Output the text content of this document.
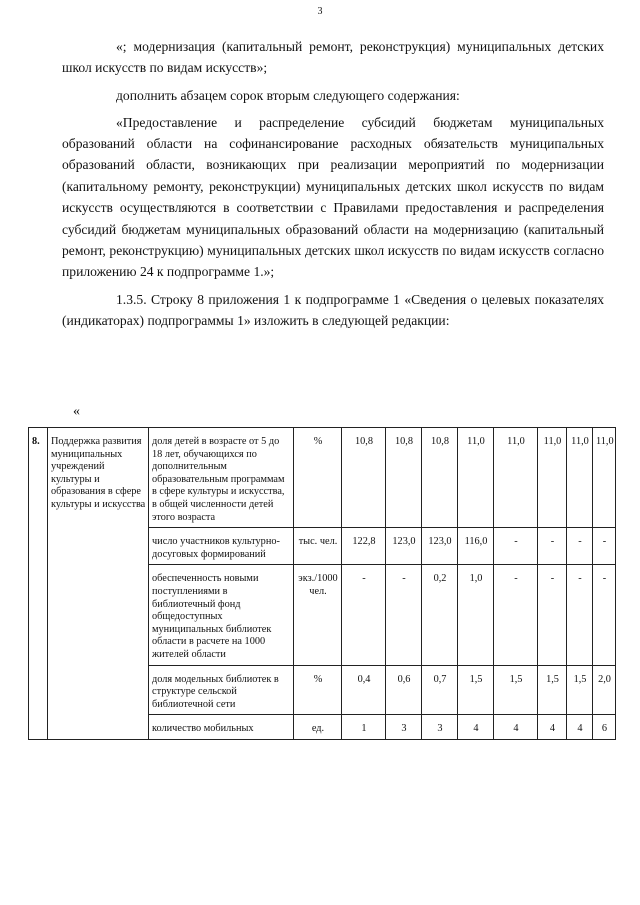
3

«; модернизация (капитальный ремонт, реконструкция) муниципальных детских школ искусств по видам искусств»;

дополнить абзацем сорок вторым следующего содержания:

«Предоставление и распределение субсидий бюджетам муниципальных образований области на софинансирование расходных обязательств муниципальных образований области, возникающих при реализации мероприятий по модернизации (капитальному ремонту, реконструкции) муниципальных детских школ искусств по видам искусств осуществляются в соответствии с Правилами предоставления и распределения субсидий бюджетам муниципальных образований области на модернизацию (капитальный ремонт, реконструкцию) муниципальных детских школ искусств по видам искусств согласно приложению 24 к подпрограмме 1.»;

1.3.5. Строку 8 приложения 1 к подпрограмме 1 «Сведения о целевых показателях (индикаторах) подпрограммы 1» изложить в следующей редакции:

«
8.	Поддержка развития муниципальных учреждений культуры и образования в сфере культуры и искусства	доля детей в возрасте от 5 до 18 лет, обучающихся по дополнительным образовательным программам в сфере культуры и искусства, в общей численности детей этого возраста	%	10,8	10,8	10,8	11,0	11,0	11,0	11,0	11,0
		число участников культурно-досуговых формирований	тыс. чел.	122,8	123,0	123,0	116,0	-	-	-	-
		обеспеченность новыми поступлениями в библиотечный фонд общедоступных муниципальных библиотек области в расчете на 1000 жителей области	экз./1000 чел.	-	-	0,2	1,0	-	-	-	-
		доля модельных библиотек в структуре сельской библиотечной сети	%	0,4	0,6	0,7	1,5	1,5	1,5	1,5	2,0
		количество мобильных	ед.	1	3	3	4	4	4	4	6
